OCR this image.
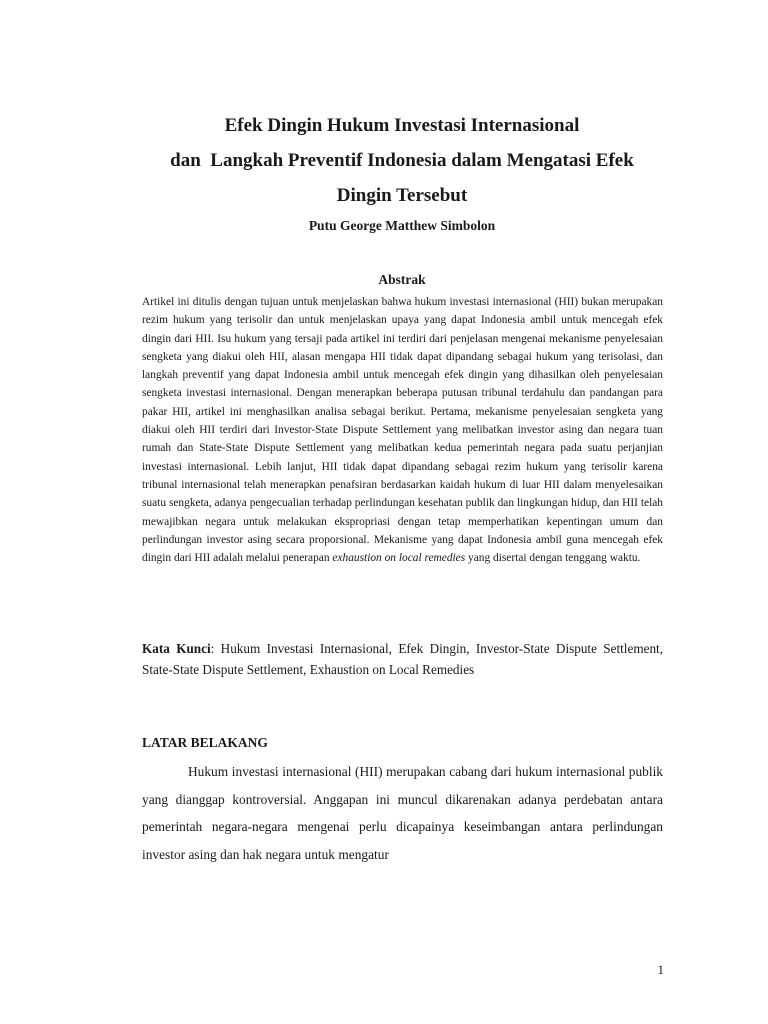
Efek Dingin Hukum Investasi Internasional

dan  Langkah Preventif Indonesia dalam Mengatasi Efek

Dingin Tersebut

Putu George Matthew Simbolon
Abstrak

Artikel ini ditulis dengan tujuan untuk menjelaskan bahwa hukum investasi internasional (HII) bukan merupakan rezim hukum yang terisolir dan untuk menjelaskan upaya yang dapat Indonesia ambil untuk mencegah efek dingin dari HII. Isu hukum yang tersaji pada artikel ini terdiri dari penjelasan mengenai mekanisme penyelesaian sengketa yang diakui oleh HII, alasan mengapa HII tidak dapat dipandang sebagai hukum yang terisolasi, dan langkah preventif yang dapat Indonesia ambil untuk mencegah efek dingin yang dihasilkan oleh penyelesaian sengketa investasi internasional. Dengan menerapkan beberapa putusan tribunal terdahulu dan pandangan para pakar HII, artikel ini menghasilkan analisa sebagai berikut. Pertama, mekanisme penyelesaian sengketa yang diakui oleh HII terdiri dari Investor-State Dispute Settlement yang melibatkan investor asing dan negara tuan rumah dan State-State Dispute Settlement yang melibatkan kedua pemerintah negara pada suatu perjanjian investasi internasional. Lebih lanjut, HII tidak dapat dipandang sebagai rezim hukum yang terisolir karena tribunal internasional telah menerapkan penafsiran berdasarkan kaidah hukum di luar HII dalam menyelesaikan suatu sengketa, adanya pengecualian terhadap perlindungan kesehatan publik dan lingkungan hidup, dan HII telah mewajibkan negara untuk melakukan ekspropriasi dengan tetap memperhatikan kepentingan umum dan perlindungan investor asing secara proporsional. Mekanisme yang dapat Indonesia ambil guna mencegah efek dingin dari HII adalah melalui penerapan exhaustion on local remedies yang disertai dengan tenggang waktu.

Kata Kunci: Hukum Investasi Internasional, Efek Dingin, Investor-State Dispute Settlement, State-State Dispute Settlement, Exhaustion on Local Remedies

LATAR BELAKANG

Hukum investasi internasional (HII) merupakan cabang dari hukum internasional publik yang dianggap kontroversial. Anggapan ini muncul dikarenakan adanya perdebatan antara pemerintah negara-negara mengenai perlu dicapainya keseimbangan antara perlindungan investor asing dan hak negara untuk mengatur

1
